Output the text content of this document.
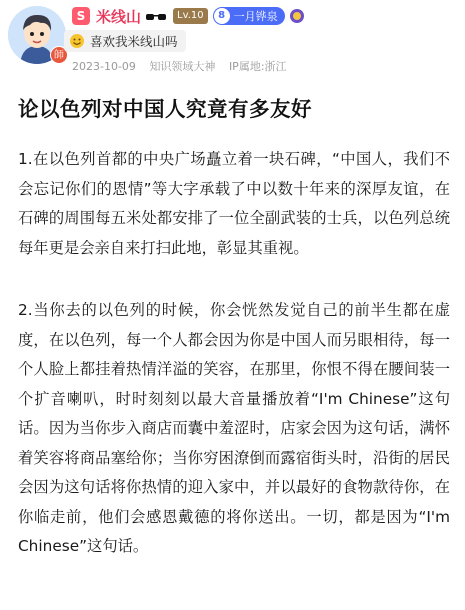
師
S 米线山	Lv.10	8 一月铧泉
喜欢我米线山吗
2023-10-09 知识领域大神 IP属地:浙江
论以色列对中国人究竟有多友好

1.在以色列首都的中央广场矗立着一块石碑，“中国人，我们不会忘记你们的恩情”等大字承载了中以数十年来的深厚友谊，在石碑的周围每五米处都安排了一位全副武装的士兵，以色列总统每年更是会亲自来打扫此地，彰显其重视。

2.当你去的以色列的时候，你会恍然发觉自己的前半生都在虚度，在以色列，每一个人都会因为你是中国人而另眼相待，每一个人脸上都挂着热情洋溢的笑容，在那里，你恨不得在腰间装一个扩音喇叭，时时刻刻以最大音量播放着“I'm Chinese”这句话。因为当你步入商店而囊中羞涩时，店家会因为这句话，满怀着笑容将商品塞给你；当你穷困潦倒而露宿街头时，沿街的居民会因为这句话将你热情的迎入家中，并以最好的食物款待你，在你临走前，他们会感恩戴德的将你送出。一切，都是因为“I'm Chinese”这句话。
